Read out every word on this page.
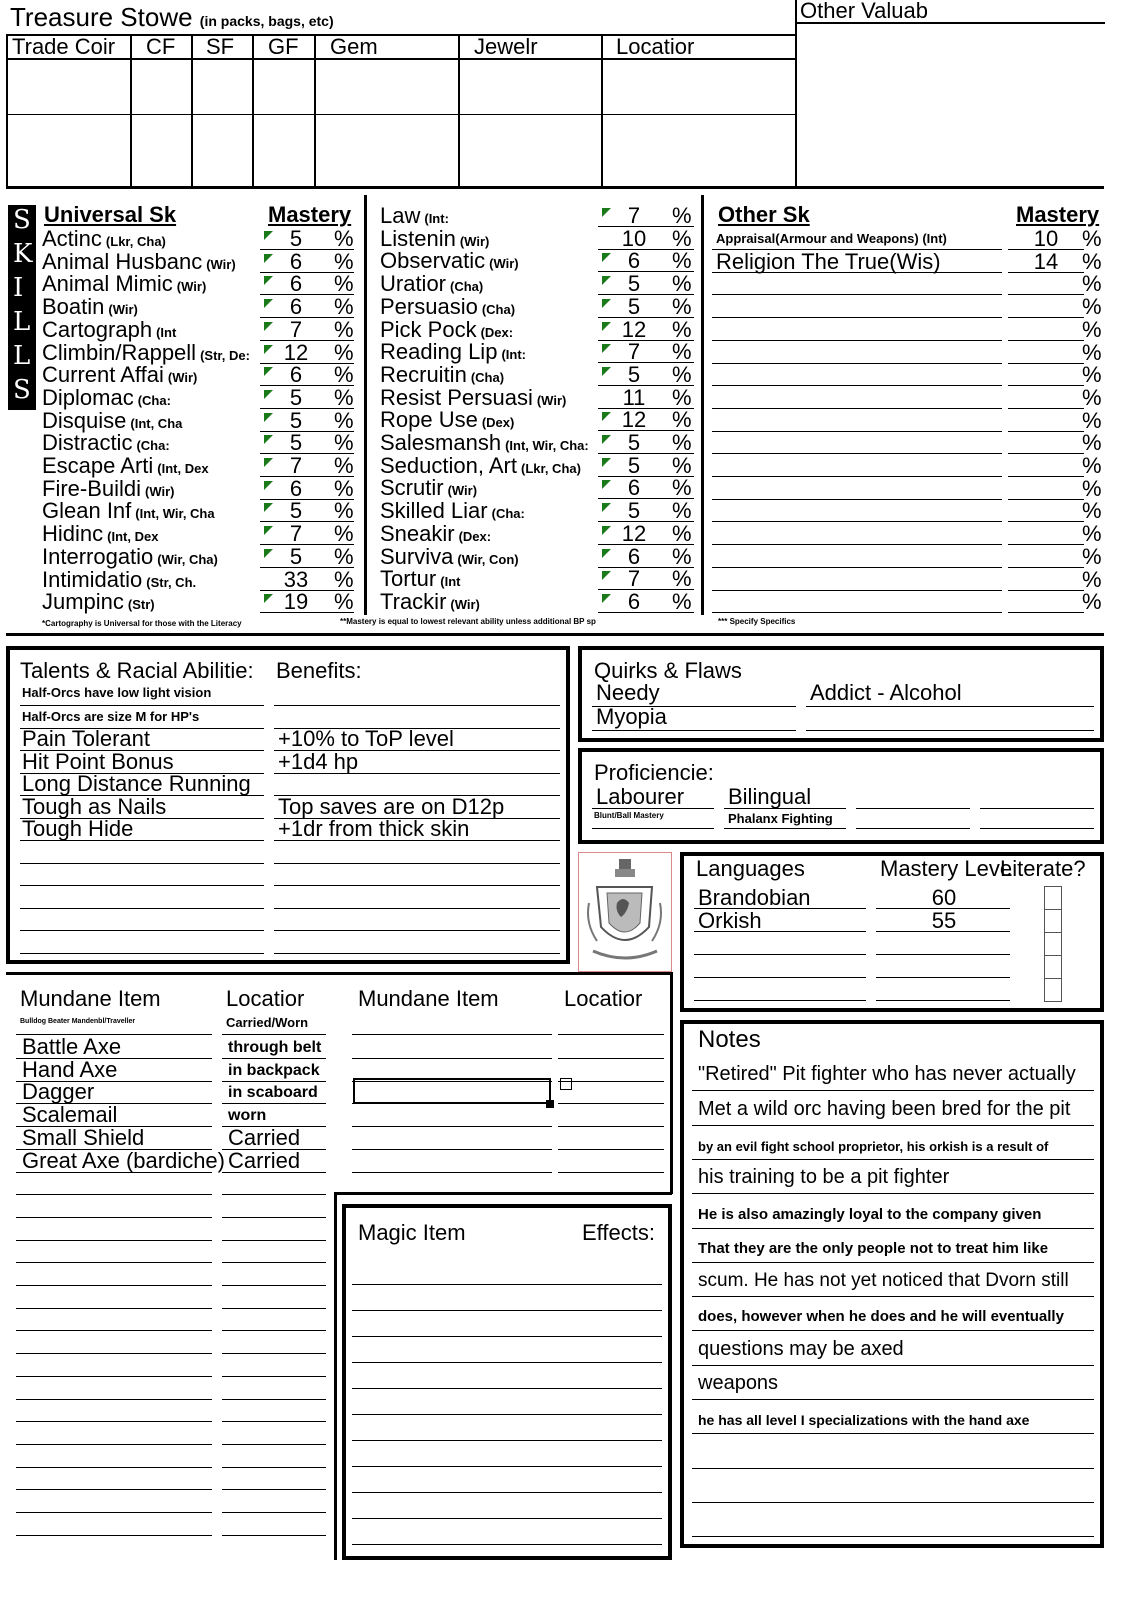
Treasure Stowe (in packs, bags, etc)
Trade Coir CF SF GF Gem	Jewelr	Locatior
Other Valuab
S
K
I
L
L
S
Universal Sk	Mastery
Actinc (Lkr, Cha)	5	%
Animal Husbanc (Wir)	6	%
Animal Mimic (Wir)	6	%
Boatin (Wir)	6	%
Cartograph (Int	7	%
Climbin/Rappell (Str, De:	12	%
Current Affai (Wir)	6	%
Diplomac (Cha:	5	%
Disquise (Int, Cha	5	%
Distractic (Cha:	5	%
Escape Arti (Int, Dex	7	%
Fire-Buildi (Wir)	6	%
Glean Inf (Int, Wir, Cha	5	%
Hidinc (Int, Dex	7	%
Interrogatio (Wir, Cha)	5	%
Intimidatio (Str, Ch.	33	%
Jumpinc (Str)	19	%
Law (Int:	7	%
Listenin (Wir)	10	%
Observatic (Wir)	6	%
Uratior (Cha)	5	%
Persuasio (Cha)	5	%
Pick Pock (Dex:	12	%
Reading Lip (Int:	7	%
Recruitin (Cha)	5	%
Resist Persuasi (Wir)	11	%
Rope Use (Dex)	12	%
Salesmansh (Int, Wir, Cha:	5	%
Seduction, Art (Lkr, Cha)	5	%
Scrutir (Wir)	6	%
Skilled Liar (Cha:	5	%
Sneakir (Dex:	12	%
Surviva (Wir, Con)	6	%
Tortur (Int	7	%
Trackir (Wir)	6	%
Other Sk	Mastery
Appraisal(Armour and Weapons) (Int)	10	%
Religion The True(Wis)	14	%
%
%
%
%
%
%
%
%
%
%
%
%
%
%
%
*Cartography is Universal for those with the Literacy	**Mastery is equal to lowest relevant ability unless additional BP sp	*** Specify Specifics
Talents & Racial Abilitie: Benefits:
Half-Orcs have low light vision
Half-Orcs are size M for HP's
Pain Tolerant	+10% to ToP level
Hit Point Bonus	+1d4 hp
Long Distance Running
Tough as Nails	Top saves are on D12p
Tough Hide	+1dr from thick skin
Quirks & Flaws
Needy	Addict - Alcohol
Myopia
Proficiencie:
Labourer Bilingual
Blunt/Ball Mastery	Phalanx Fighting
Languages	Mastery Leve
Literate?
Brandobian	60
Orkish	55
Mundane Item	Locatior Mundane Item	Locatior
Bulldog Beater Mandenbl/Traveller	Carried/Worn
Battle Axe	through belt
Hand Axe	in backpack
Dagger	in scaboard
Scalemail	worn
Small Shield	Carried
Great Axe (bardiche) Carried
Magic Item	Effects:
Notes
"Retired" Pit fighter who has never actually
Met a wild orc having been bred for the pit
by an evil fight school proprietor, his orkish is a result of
his training to be a pit fighter
He is also amazingly loyal to the company given
That they are the only people not to treat him like
scum. He has not yet noticed that Dvorn still
does, however when he does and he will eventually
questions may be axed
weapons
he has all level I specializations with the hand axe
